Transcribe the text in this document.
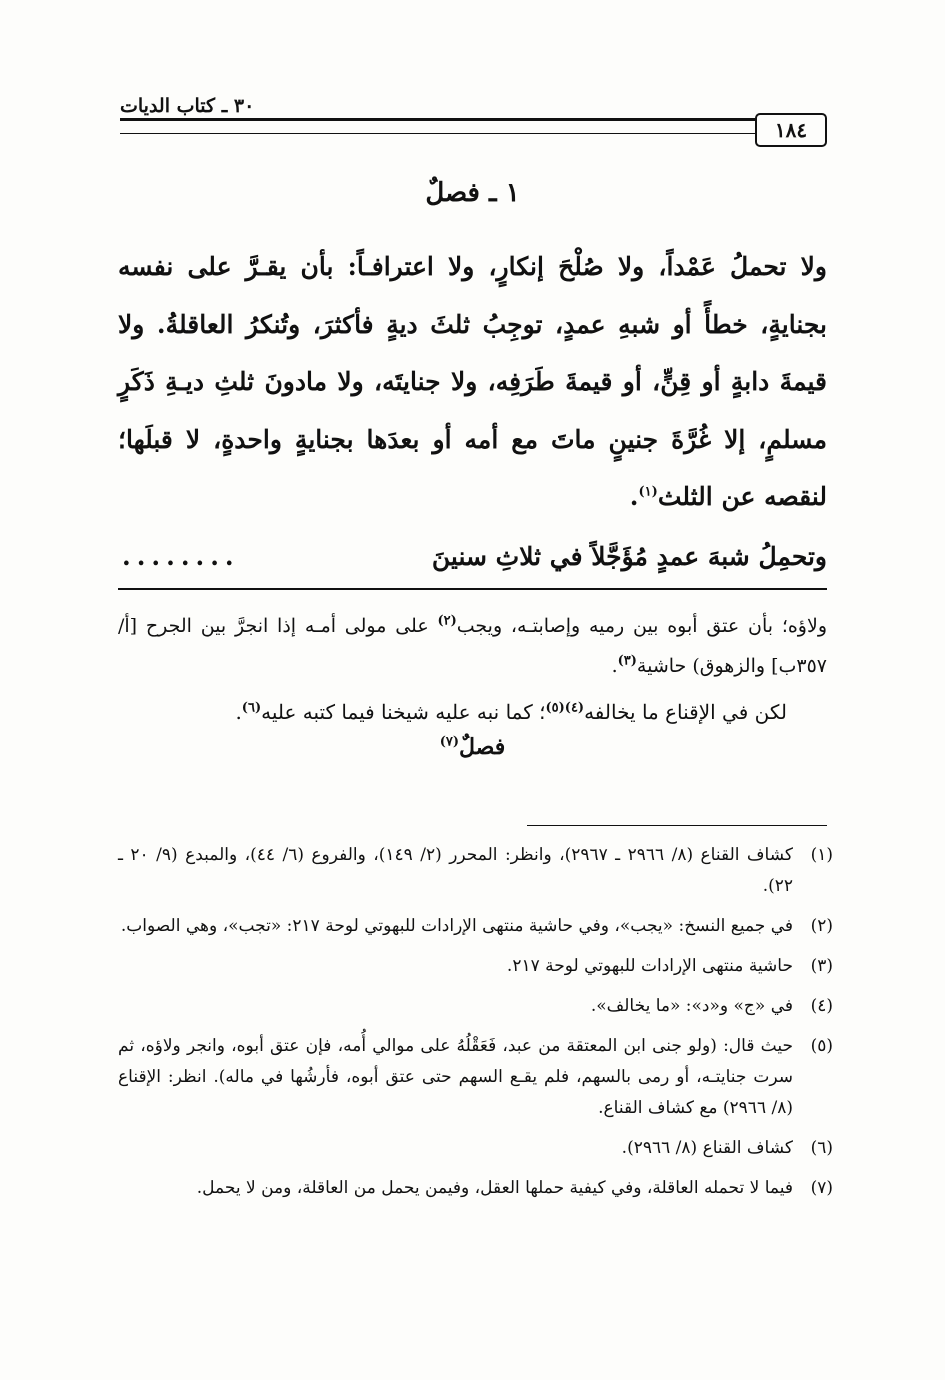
١٨٤
٣٠ ـ كتاب الديات
١ ـ فصلٌ

ولا تحملُ عَمْداً، ولا صُلْحَ إنكارٍ، ولا اعترافـاً: بأن يقـرَّ على نفسه بجنايةٍ، خطأً أو شبهِ عمدٍ، توجِبُ ثلثَ ديةٍ فأكثرَ، وتُنكرُ العاقلةُ. ولا قيمةَ دابةٍ أو قِنٍّ، أو قيمةَ طَرَفِه، ولا جنايتَه، ولا مادونَ ثلثِ ديـةِ ذَكَرٍ مسلمٍ، إلا غُرَّةَ جنينٍ ماتَ مع أمه أو بعدَها بجنايةٍ واحدةٍ، لا قبلَها؛ لنقصه عن الثلث$^{(١)}$.

وتحمِلُ شبهَ عمدٍ مُؤَجَّلاً في ثلاثِ سنينَ
........

ولاؤه؛ بأن عتق أبوه بين رميه وإصابتـه، ويجب$^{(٢)}$ على مولى أمـه إذا انجرَّ بين الجرح [أ/ ٣٥٧ب] والزهوق) حاشية$^{(٣)}$.

لكن في الإقناع ما يخالفه$^{(٤)(٥)}$؛ كما نبه عليه شيخنا فيما كتبه عليه$^{(٦)}$.

فصلٌ$^{(٧)}$
(١)
كشاف القناع (٨/ ٢٩٦٦ ـ ٢٩٦٧)، وانظر: المحرر (٢/ ١٤٩)، والفروع (٦/ ٤٤)، والمبدع (٩/ ٢٠ ـ ٢٢).
(٢)
في جميع النسخ: «يجب»، وفي حاشية منتهى الإرادات للبهوتي لوحة ٢١٧: «تجب»، وهي الصواب.
(٣)
حاشية منتهى الإرادات للبهوتي لوحة ٢١٧.
(٤)
في «ج» و«د»: «ما يخالف».
(٥)
حيث قال: (ولو جنى ابن المعتقة من عبد، فَعَقْلُهُ على موالي أُمه، فإن عتق أبوه، وانجر ولاؤه، ثم سرت جنايتـه، أو رمى بالسهم، فلم يقـع السهم حتى عتق أبوه، فأرشُها في ماله). انظر: الإقناع (٨/ ٢٩٦٦) مع كشاف القناع.
(٦)
كشاف القناع (٨/ ٢٩٦٦).
(٧)
فيما لا تحمله العاقلة، وفي كيفية حملها العقل، وفيمن يحمل من العاقلة، ومن لا يحمل.
